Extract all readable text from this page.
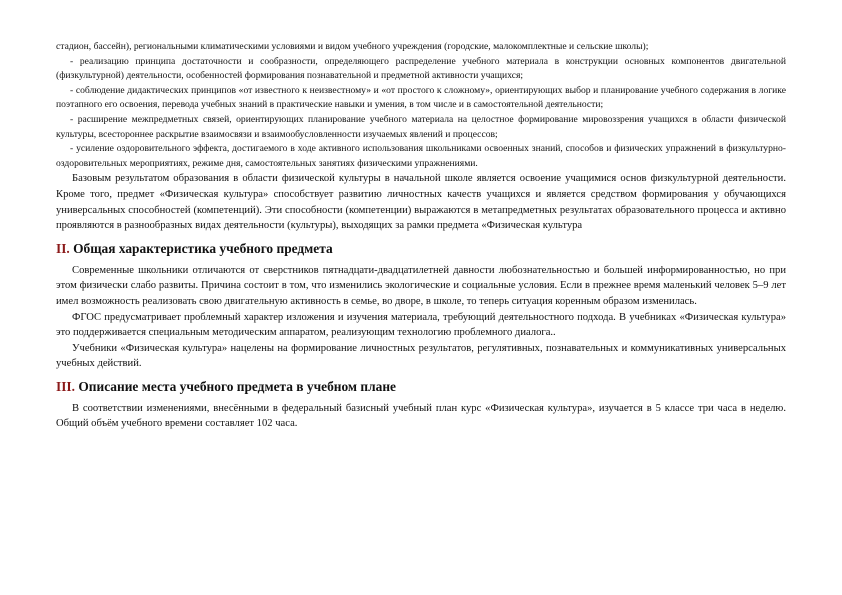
стадион, бассейн), региональными климатическими условиями и видом учебного учреждения (городские, малокомплектные и сельские школы);

- реализацию принципа достаточности и сообразности, определяющего распределение учебного материала в конструкции основных компонентов двигательной (физкультурной) деятельности, особенностей формирования познавательной и предметной активности учащихся;

- соблюдение дидактических принципов «от известного к неизвестному» и «от простого к сложному», ориентирующих выбор и планирование учебного содержания в логике поэтапного его освоения, перевода учебных знаний в практические навыки и умения, в том числе и в самостоятельной деятельности;

- расширение межпредметных связей, ориентирующих планирование учебного материала на целостное формирование мировоззрения учащихся в области физической культуры, всестороннее раскрытие взаимосвязи и взаимообусловленности изучаемых явлений и процессов;

- усиление оздоровительного эффекта, достигаемого в ходе активного использования школьниками освоенных знаний, способов и физических упражнений в физкультурно-оздоровительных мероприятиях, режиме дня, самостоятельных занятиях физическими упражнениями.

Базовым результатом образования в области физической культуры в начальной школе является освоение учащимися основ физкультурной деятельности. Кроме того, предмет «Физическая культура» способствует развитию личностных качеств учащихся и является средством формирования у обучающихся универсальных способностей (компетенций). Эти способности (компетенции) выражаются в метапредметных результатах образовательного процесса и активно проявляются в разнообразных видах деятельности (культуры), выходящих за рамки предмета «Физическая культура

II. Общая характеристика учебного предмета

Современные школьники отличаются от сверстников пятнадцати-двадцатилетней давности любознательностью и большей информированностью, но при этом физически слабо развиты. Причина состоит в том, что изменились экологические и социальные условия. Если в прежнее время маленький человек 5–9 лет имел возможность реализовать свою двигательную активность в семье, во дворе, в школе, то теперь ситуация коренным образом изменилась.

ФГОС предусматривает проблемный характер изложения и изучения материала, требующий деятельностного подхода. В учебниках «Физическая культура» это поддерживается специальным методическим аппаратом, реализующим технологию проблемного диалога..

Учебники «Физическая культура» нацелены на формирование личностных результатов, регулятивных, познавательных и коммуникативных универсальных учебных действий.

III. Описание места учебного предмета в учебном плане

В соответствии изменениями, внесёнными в федеральный базисный учебный план курс «Физическая культура», изучается в 5 классе три часа в неделю. Общий объём учебного времени составляет 102 часа.
